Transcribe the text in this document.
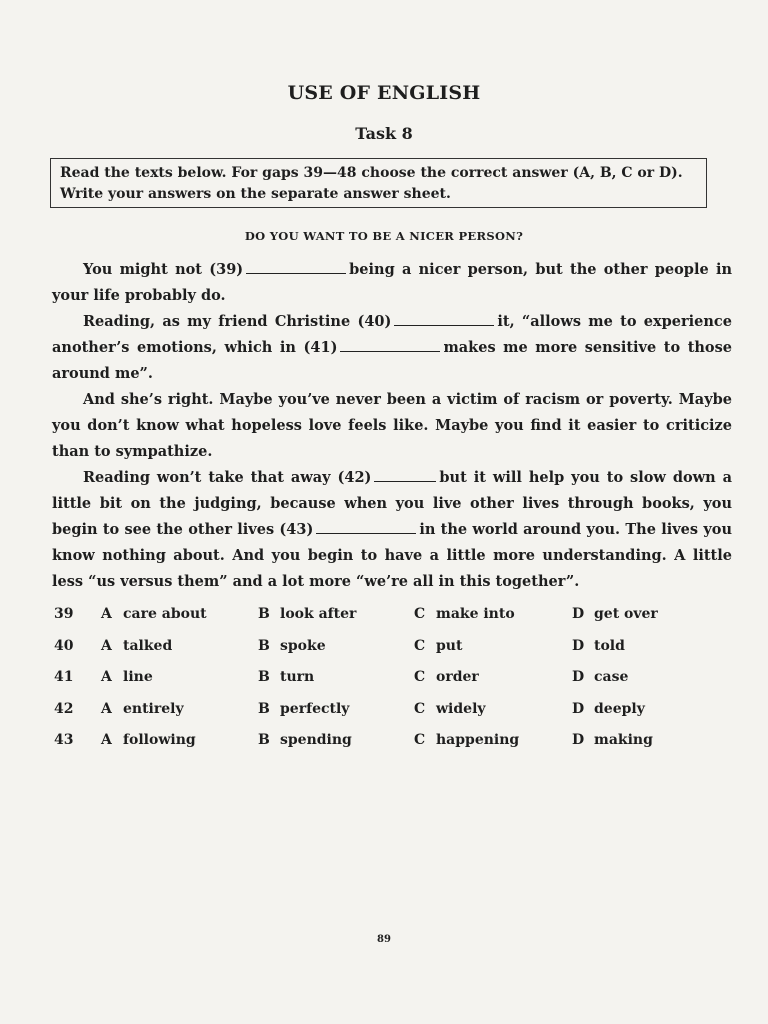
USE OF ENGLISH
Task 8
Read the texts below. For gaps 39—48 choose the correct answer (A, B, C or D). Write your answers on the separate answer sheet.
DO YOU WANT TO BE A NICER PERSON?

You might not (39)	being a nicer person, but the other people in your life probably do.

Reading, as my friend Christine (40)	it, “allows me to experience another’s emotions, which in (41)	makes me more sensitive to those around me”.

And she’s right. Maybe you’ve never been a victim of racism or poverty. Maybe you don’t know what hopeless love feels like. Maybe you find it easier to criticize than to sympathize.

Reading won’t take that away (42)	but it will help you to slow down a little bit on the judging, because when you live other lives through books, you begin to see the other lives (43)	in the world around you. The lives you know nothing about. And you begin to have a little more understanding. A little less “us versus them” and a lot more “we’re all in this together”.

39 A care about	B look after	C make into	D get over
40 A talked	B spoke	C put	D told
41 A line	B turn	C order	D case
42 A entirely	B perfectly	C widely	D deeply
43 A following	B spending	C happening	D making
89
